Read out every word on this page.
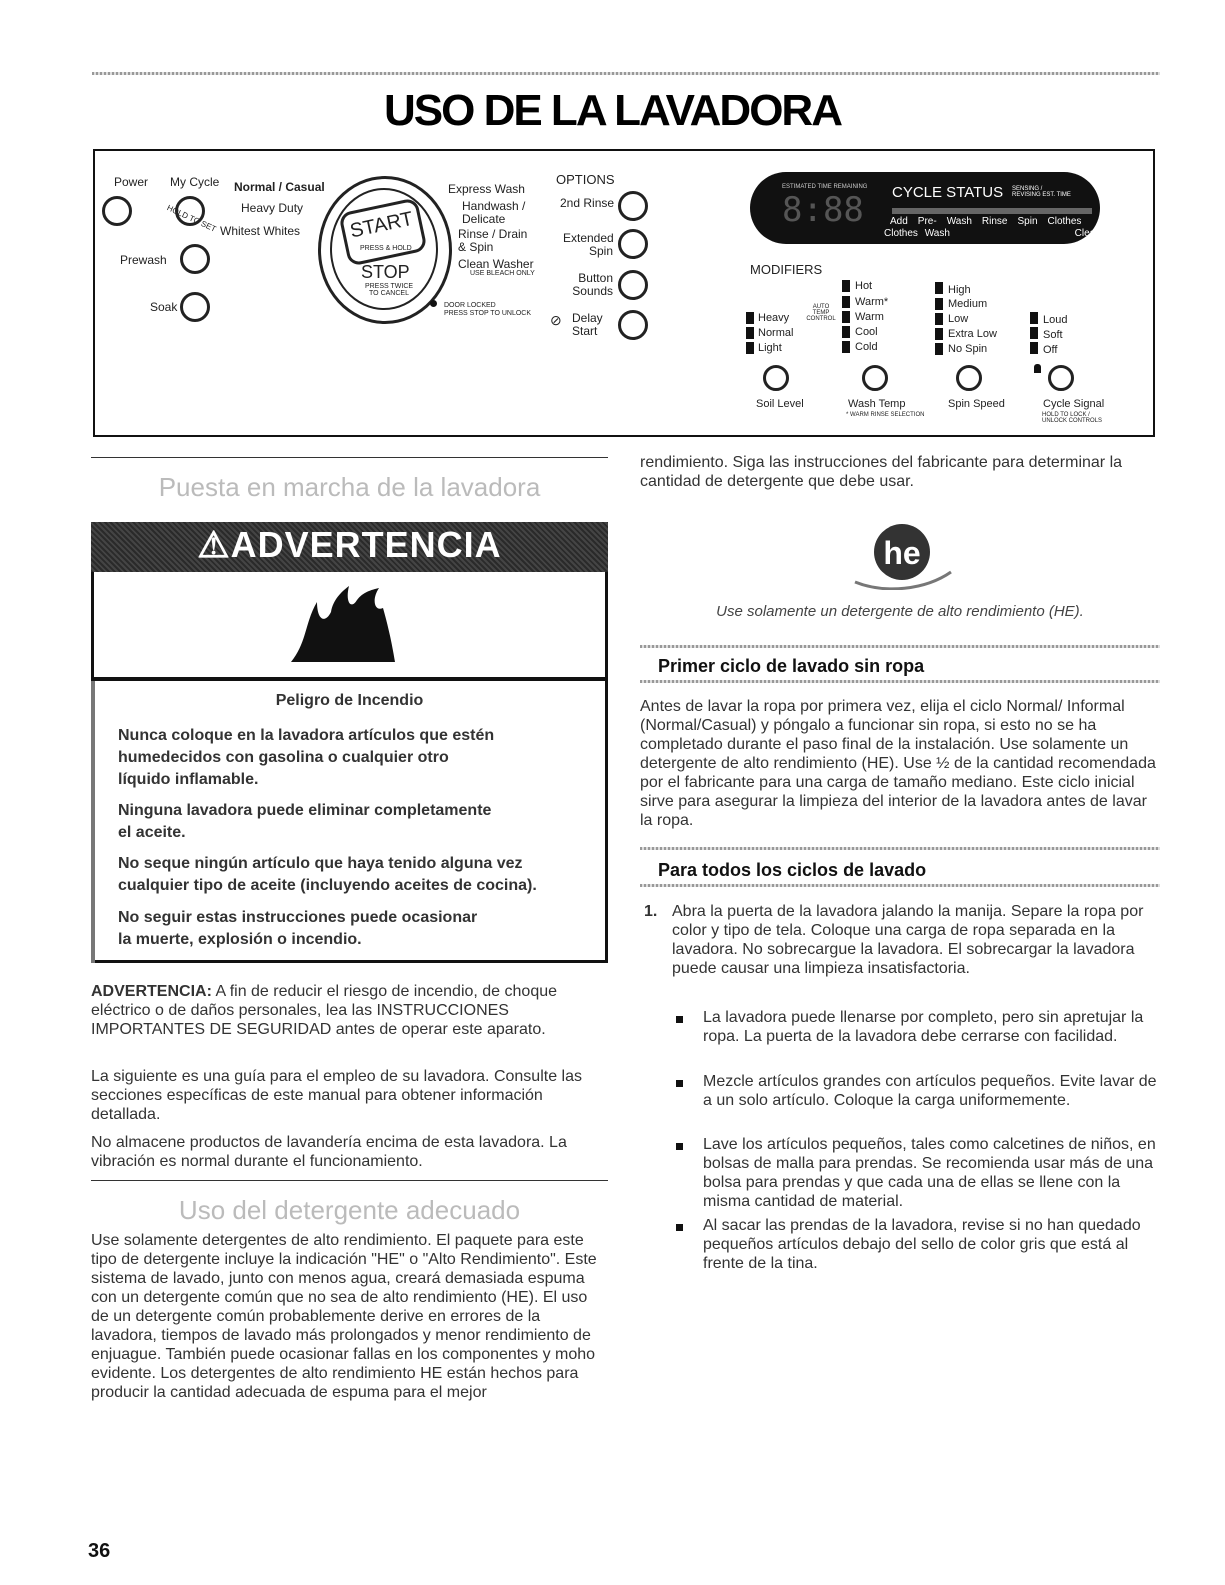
USO DE LA LAVADORA
Power My Cycle
HOLD TO SET
Prewash
Soak
Normal / Casual
Heavy Duty
Whitest Whites	START
PRESS & HOLD
STOP
PRESS TWICE TO CANCEL
DOOR LOCKED
PRESS STOP TO UNLOCK
Express Wash
Handwash / Delicate
Rinse / Drain & Spin
Clean Washer
USE BLEACH ONLY
OPTIONS
2nd Rinse
Extended Spin
Button Sounds
⊘ Delay Start
ESTIMATED TIME REMAINING
8:88 CYCLE STATUS SENSING / REVISING EST. TIME
Add Pre- Wash Rinse Spin Clothes
Clothes Wash	Clean
MODIFIERS
Heavy
Normal
Light
AUTO TEMP CONTROL
Hot
Warm*
Warm
Cool
Cold
High
Medium
Low
Extra Low
No Spin
Loud
Soft
Off
Soil Level	Wash Temp
* WARM RINSE SELECTION
Spin Speed	Cycle Signal
HOLD TO LOCK / UNLOCK CONTROLS
Puesta en marcha de la lavadora
⚠ADVERTENCIA
Peligro de Incendio
Nunca coloque en la lavadora artículos que estén
humedecidos con gasolina o cualquier otro
líquido inflamable.
Ninguna lavadora puede eliminar completamente
el aceite.
No seque ningún artículo que haya tenido alguna vez
cualquier tipo de aceite (incluyendo aceites de cocina).
No seguir estas instrucciones puede ocasionar
la muerte, explosión o incendio.
ADVERTENCIA: A fin de reducir el riesgo de incendio, de choque eléctrico o de daños personales, lea las INSTRUCCIONES IMPORTANTES DE SEGURIDAD antes de operar este aparato.
La siguiente es una guía para el empleo de su lavadora. Consulte las secciones específicas de este manual para obtener información detallada.
No almacene productos de lavandería encima de esta lavadora. La vibración es normal durante el funcionamiento.
Uso del detergente adecuado
Use solamente detergentes de alto rendimiento. El paquete para este tipo de detergente incluye la indicación "HE" o "Alto Rendimiento". Este sistema de lavado, junto con menos agua, creará demasiada espuma con un detergente común que no sea de alto rendimiento (HE). El uso de un detergente común probablemente derive en errores de la lavadora, tiempos de lavado más prolongados y menor rendimiento de enjuague. También puede ocasionar fallas en los componentes y moho evidente. Los detergentes de alto rendimiento HE están hechos para producir la cantidad adecuada de espuma para el mejor
rendimiento. Siga las instrucciones del fabricante para determinar la cantidad de detergente que debe usar.
he
Use solamente un detergente de alto rendimiento (HE).
Primer ciclo de lavado sin ropa
Antes de lavar la ropa por primera vez, elija el ciclo Normal/ Informal (Normal/Casual) y póngalo a funcionar sin ropa, si esto no se ha completado durante el paso final de la instalación. Use solamente un detergente de alto rendimiento (HE). Use ½ de la cantidad recomendada por el fabricante para una carga de tamaño mediano. Este ciclo inicial sirve para asegurar la limpieza del interior de la lavadora antes de lavar la ropa.
Para todos los ciclos de lavado
1. Abra la puerta de la lavadora jalando la manija. Separe la ropa por color y tipo de tela. Coloque una carga de ropa separada en la lavadora. No sobrecargue la lavadora. El sobrecargar la lavadora puede causar una limpieza insatisfactoria.
La lavadora puede llenarse por completo, pero sin apretujar la ropa. La puerta de la lavadora debe cerrarse con facilidad.
Mezcle artículos grandes con artículos pequeños. Evite lavar de a un solo artículo. Coloque la carga uniformemente.
Lave los artículos pequeños, tales como calcetines de niños, en bolsas de malla para prendas. Se recomienda usar más de una bolsa para prendas y que cada una de ellas se llene con la misma cantidad de material.
Al sacar las prendas de la lavadora, revise si no han quedado pequeños artículos debajo del sello de color gris que está al frente de la tina.
36
